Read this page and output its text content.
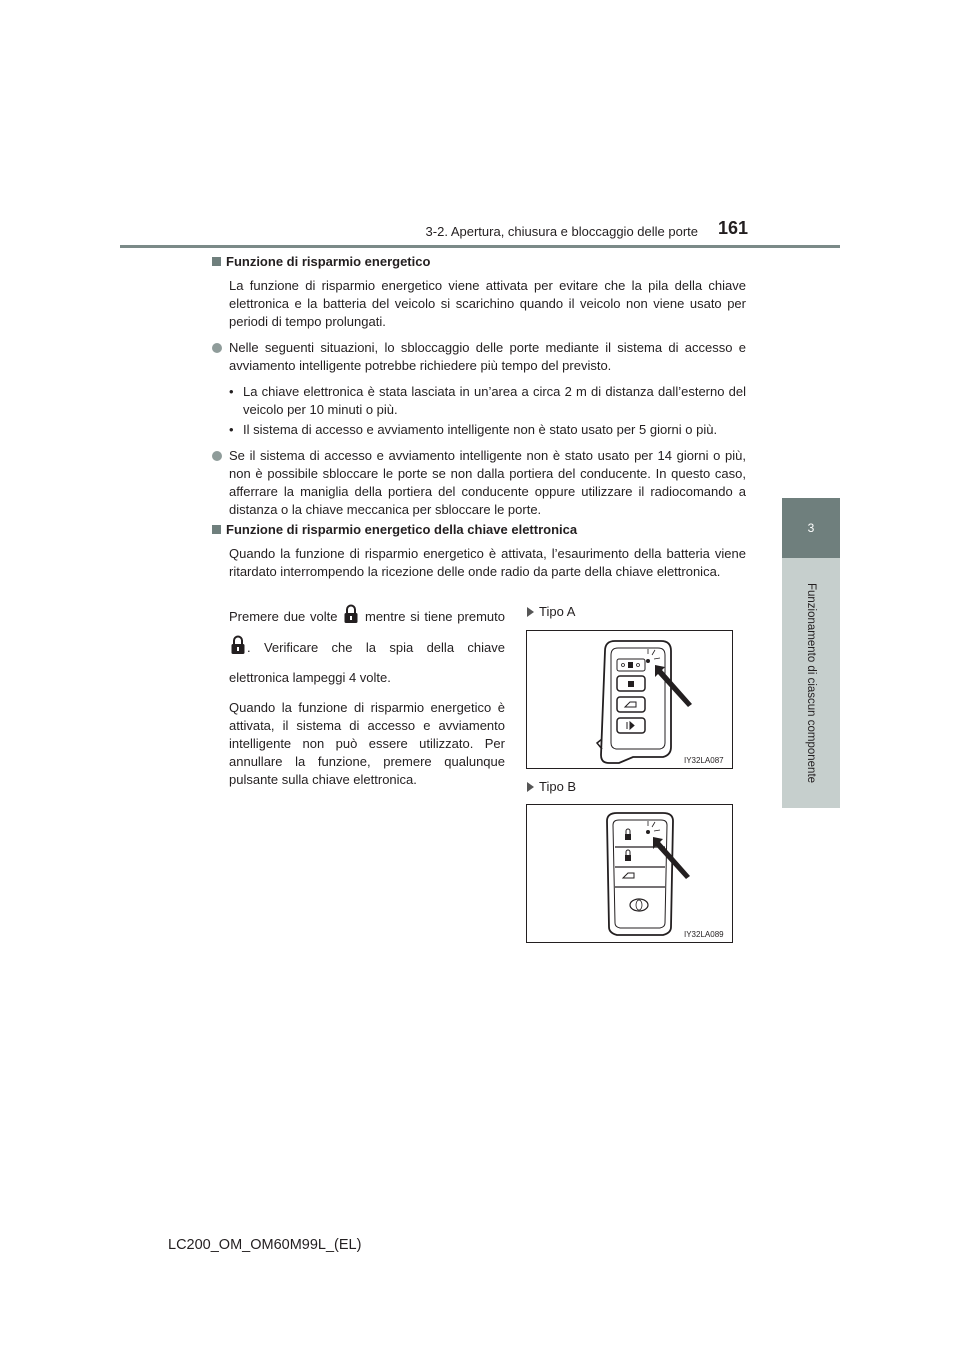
3-2. Apertura, chiusura e bloccaggio delle porte 161
3
Funzionamento di ciascun componente
Funzione di risparmio energetico
La funzione di risparmio energetico viene attivata per evitare che la pila della chiave elettronica e la batteria del veicolo si scarichino quando il veicolo non viene usato per periodi di tempo prolungati.
Nelle seguenti situazioni, lo sbloccaggio delle porte mediante il sistema di accesso e avviamento intelligente potrebbe richiedere più tempo del previsto.
• La chiave elettronica è stata lasciata in un’area a circa 2 m di distanza dall’esterno del veicolo per 10 minuti o più.
• Il sistema di accesso e avviamento intelligente non è stato usato per 5 giorni o più.
Se il sistema di accesso e avviamento intelligente non è stato usato per 14 giorni o più, non è possibile sbloccare le porte se non dalla portiera del conducente. In questo caso, afferrare la maniglia della portiera del conducente oppure utilizzare il radiocomando a distanza o la chiave meccanica per sbloccare le porte.
Funzione di risparmio energetico della chiave elettronica
Quando la funzione di risparmio energetico è attivata, l’esaurimento della batteria viene ritardato interrompendo la ricezione delle onde radio da parte della chiave elettronica.
Premere due volte mentre si tiene premuto . Verificare che la spia della chiave elettronica lampeggi 4 volte.
Quando la funzione di risparmio energetico è attivata, il sistema di accesso e avviamento intelligente non può essere utilizzato. Per annullare la funzione, premere qualunque pulsante sulla chiave elettronica.
Tipo A
IY32LA087
Tipo B
IY32LA089
LC200_OM_OM60M99L_(EL)
